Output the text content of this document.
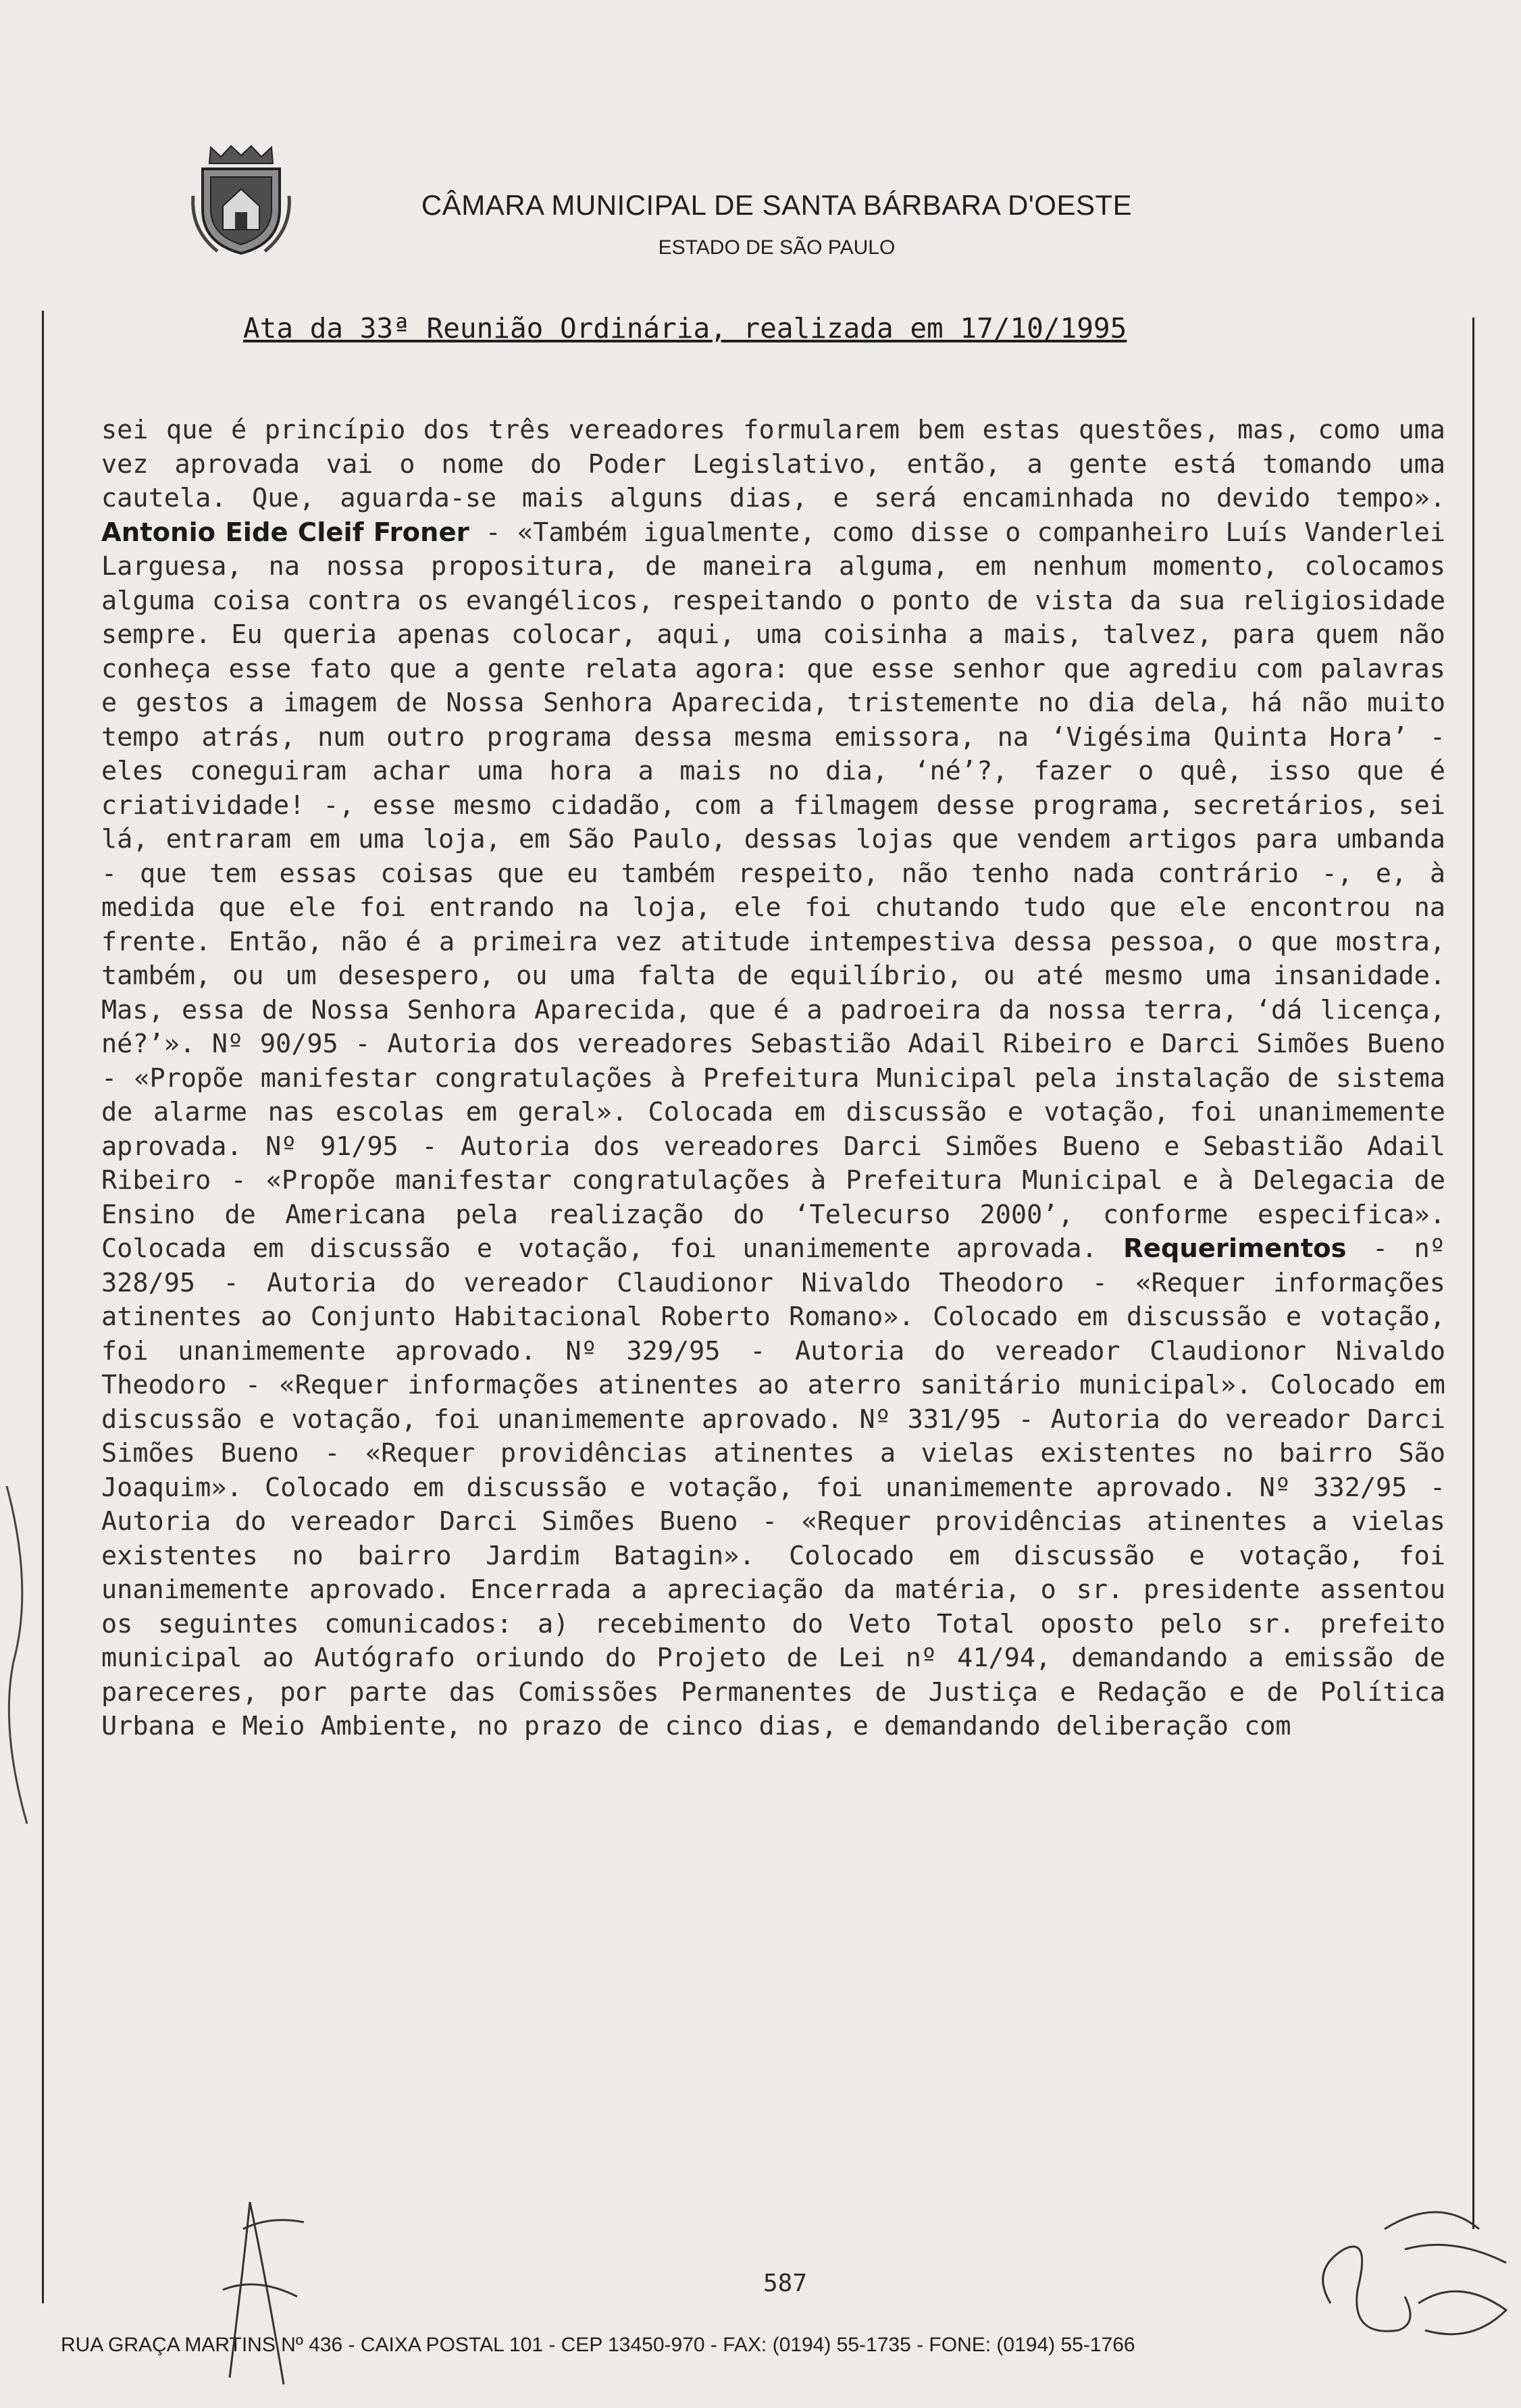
CÂMARA MUNICIPAL DE SANTA BÁRBARA D'OESTE
ESTADO DE SÃO PAULO
Ata da 33ª Reunião Ordinária, realizada em 17/10/1995

sei que é princípio dos três vereadores formularem bem estas questões, mas, como uma vez aprovada vai o nome do Poder Legislativo, então, a gente está tomando uma cautela. Que, aguarda-se mais alguns dias, e será encaminhada no devido tempo». Antonio Eide Cleif Froner - «Também igualmente, como disse o companheiro Luís Vanderlei Larguesa, na nossa propositura, de maneira alguma, em nenhum momento, colocamos alguma coisa contra os evangélicos, respeitando o ponto de vista da sua religiosidade sempre. Eu queria apenas colocar, aqui, uma coisinha a mais, talvez, para quem não conheça esse fato que a gente relata agora: que esse senhor que agrediu com palavras e gestos a imagem de Nossa Senhora Aparecida, tristemente no dia dela, há não muito tempo atrás, num outro programa dessa mesma emissora, na ‘Vigésima Quinta Hora’ - eles coneguiram achar uma hora a mais no dia, ‘né’?, fazer o quê, isso que é criatividade! -, esse mesmo cidadão, com a filmagem desse programa, secretários, sei lá, entraram em uma loja, em São Paulo, dessas lojas que vendem artigos para umbanda - que tem essas coisas que eu também respeito, não tenho nada contrário -, e, à medida que ele foi entrando na loja, ele foi chutando tudo que ele encontrou na frente. Então, não é a primeira vez atitude intempestiva dessa pessoa, o que mostra, também, ou um desespero, ou uma falta de equilíbrio, ou até mesmo uma insanidade. Mas, essa de Nossa Senhora Aparecida, que é a padroeira da nossa terra, ‘dá licença, né?’». Nº 90/95 - Autoria dos vereadores Sebastião Adail Ribeiro e Darci Simões Bueno - «Propõe manifestar congratulações à Prefeitura Municipal pela instalação de sistema de alarme nas escolas em geral». Colocada em discussão e votação, foi unanimemente aprovada. Nº 91/95 - Autoria dos vereadores Darci Simões Bueno e Sebastião Adail Ribeiro - «Propõe manifestar congratulações à Prefeitura Municipal e à Delegacia de Ensino de Americana pela realização do ‘Telecurso 2000’, conforme especifica». Colocada em discussão e votação, foi unanimemente aprovada. Requerimentos - nº 328/95 - Autoria do vereador Claudionor Nivaldo Theodoro - «Requer informações atinentes ao Conjunto Habitacional Roberto Romano». Colocado em discussão e votação, foi unanimemente aprovado. Nº 329/95 - Autoria do vereador Claudionor Nivaldo Theodoro - «Requer informações atinentes ao aterro sanitário municipal». Colocado em discussão e votação, foi unanimemente aprovado. Nº 331/95 - Autoria do vereador Darci Simões Bueno - «Requer providências atinentes a vielas existentes no bairro São Joaquim». Colocado em discussão e votação, foi unanimemente aprovado. Nº 332/95 - Autoria do vereador Darci Simões Bueno - «Requer providências atinentes a vielas existentes no bairro Jardim Batagin». Colocado em discussão e votação, foi unanimemente aprovado. Encerrada a apreciação da matéria, o sr. presidente assentou os seguintes comunicados: a) recebimento do Veto Total oposto pelo sr. prefeito municipal ao Autógrafo oriundo do Projeto de Lei nº 41/94, demandando a emissão de pareceres, por parte das Comissões Permanentes de Justiça e Redação e de Política Urbana e Meio Ambiente, no prazo de cinco dias, e demandando deliberação com

587
RUA GRAÇA MARTINS Nº 436 - CAIXA POSTAL 101 - CEP 13450-970 - FAX: (0194) 55-1735 - FONE: (0194) 55-1766
